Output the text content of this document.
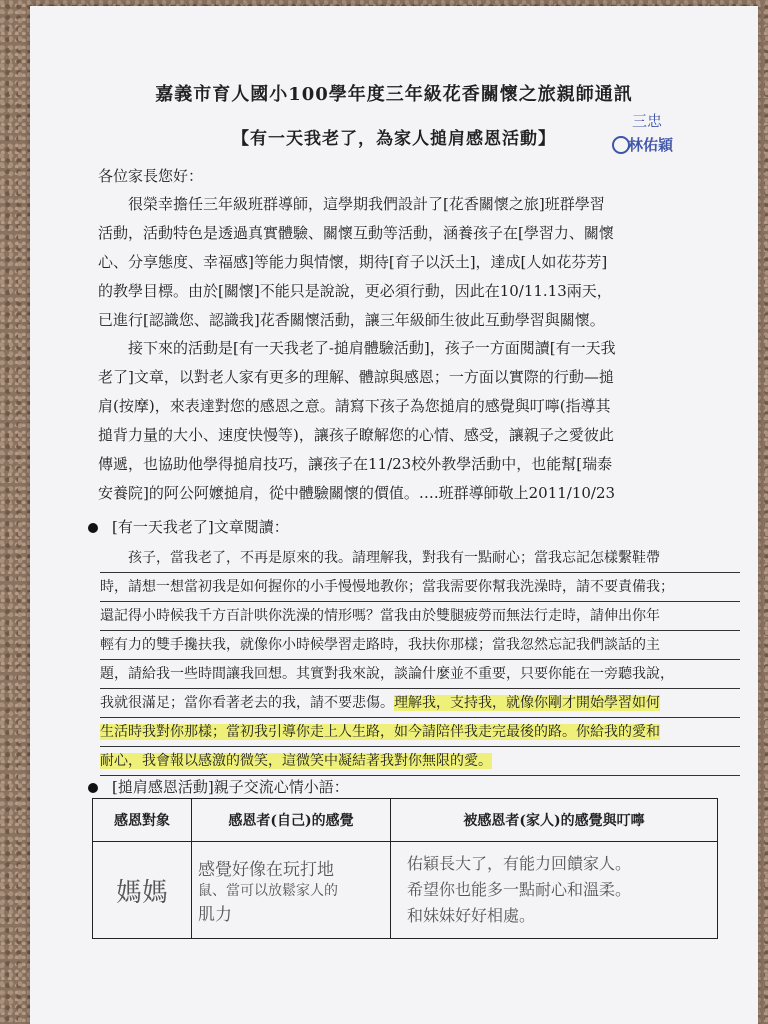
嘉義市育人國小100學年度三年級花香關懷之旅親師通訊
【有一天我老了，為家人搥肩感恩活動】
三忠
林佑穎
各位家長您好：
很榮幸擔任三年級班群導師，這學期我們設計了[花香關懷之旅]班群學習
活動，活動特色是透過真實體驗、關懷互動等活動，涵養孩子在[學習力、關懷
心、分享態度、幸福感]等能力與情懷，期待[育子以沃土]，達成[人如花芬芳]
的教學目標。由於[關懷]不能只是說說，更必須行動，因此在10/11.13兩天，
已進行[認識您、認識我]花香關懷活動，讓三年級師生彼此互動學習與關懷。
接下來的活動是[有一天我老了-搥肩體驗活動]，孩子一方面閱讀[有一天我
老了]文章，以對老人家有更多的理解、體諒與感恩；一方面以實際的行動—搥
肩(按摩)，來表達對您的感恩之意。請寫下孩子為您搥肩的感覺與叮嚀(指導其
搥背力量的大小、速度快慢等)，讓孩子瞭解您的心情、感受，讓親子之愛彼此
傳遞，也協助他學得搥肩技巧，讓孩子在11/23校外教學活動中，也能幫[瑞泰
安養院]的阿公阿嬤搥肩，從中體驗關懷的價值。….班群導師敬上2011/10/23
[有一天我老了]文章閱讀：
孩子，當我老了，不再是原來的我。請理解我，對我有一點耐心；當我忘記怎樣繫鞋帶
時，請想一想當初我是如何握你的小手慢慢地教你；當我需要你幫我洗澡時，請不要責備我；
還記得小時候我千方百計哄你洗澡的情形嗎？當我由於雙腿疲勞而無法行走時，請伸出你年
輕有力的雙手攙扶我，就像你小時候學習走路時，我扶你那樣；當我忽然忘記我們談話的主
題，請給我一些時間讓我回想。其實對我來說，談論什麼並不重要，只要你能在一旁聽我說，
我就很滿足；當你看著老去的我，請不要悲傷。理解我，支持我，就像你剛才開始學習如何
生活時我對你那樣；當初我引導你走上人生路，如今請陪伴我走完最後的路。你給我的愛和
耐心，我會報以感激的微笑，這微笑中凝結著我對你無限的愛。
[搥肩感恩活動]親子交流心情小語：
感恩對象	感恩者(自己)的感覺	被感恩者(家人)的感覺與叮嚀
媽媽	感覺好像在玩打地
鼠、當可以放鬆家人的
肌力	佑穎長大了，有能力回饋家人。
希望你也能多一點耐心和溫柔。
和妹妹好好相處。
